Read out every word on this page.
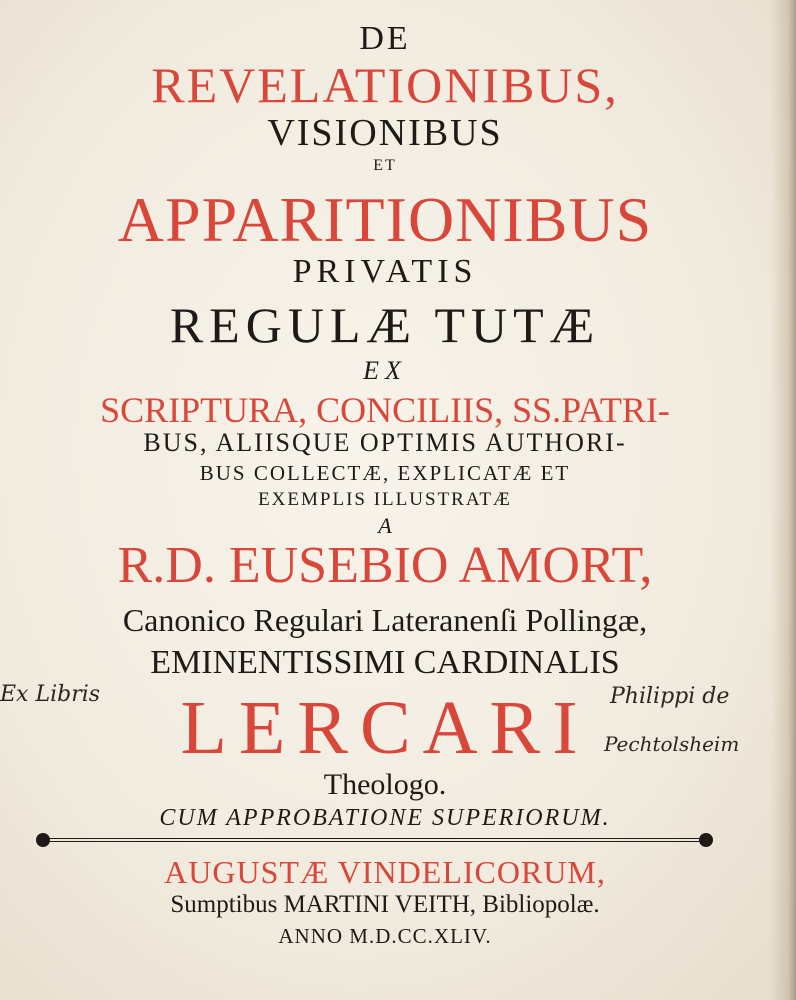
DE
REVELATIONIBUS,
VISIONIBUS
ET
APPARITIONIBUS
PRIVATIS
REGULÆ TUTÆ
EX
SCRIPTURA, CONCILIIS, SS.PATRI-
BUS, ALIISQUE OPTIMIS AUTHORI-
BUS COLLECTÆ, EXPLICATÆ ET
EXEMPLIS ILLUSTRATÆ
A
R.D. EUSEBIO AMORT,
Canonico Regulari Lateranenſi Pollingæ,
EMINENTISSIMI CARDINALIS
LERCARI
Theologo.
CUM APPROBATIONE SUPERIORUM.
AUGUSTÆ VINDELICORUM,
Sumptibus MARTINI VEITH, Bibliopolæ.
ANNO M.D.CC.XLIV.
Ex Libris	Philippi de
Pechtolsheim
